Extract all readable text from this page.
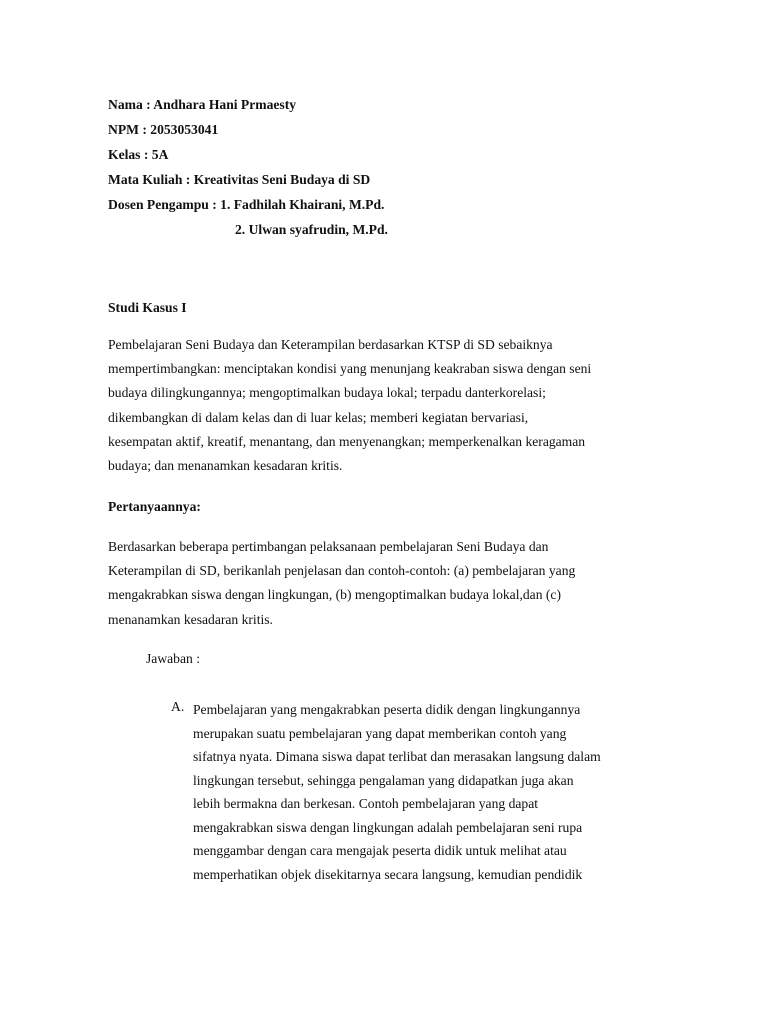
Nama : Andhara Hani Prmaesty
NPM : 2053053041
Kelas : 5A
Mata Kuliah : Kreativitas Seni Budaya di SD
Dosen Pengampu : 1. Fadhilah Khairani, M.Pd.
2. Ulwan syafrudin, M.Pd.
Studi Kasus I

Pembelajaran Seni Budaya dan Keterampilan berdasarkan KTSP di SD sebaiknya
mempertimbangkan: menciptakan kondisi yang menunjang keakraban siswa dengan seni
budaya dilingkungannya; mengoptimalkan budaya lokal; terpadu danterkorelasi;
dikembangkan di dalam kelas dan di luar kelas; memberi kegiatan bervariasi,
kesempatan aktif, kreatif, menantang, dan menyenangkan; memperkenalkan keragaman
budaya; dan menanamkan kesadaran kritis.

Pertanyaannya:

Berdasarkan beberapa pertimbangan pelaksanaan pembelajaran Seni Budaya dan
Keterampilan di SD, berikanlah penjelasan dan contoh-contoh: (a) pembelajaran yang
mengakrabkan siswa dengan lingkungan, (b) mengoptimalkan budaya lokal,dan (c)
menanamkan kesadaran kritis.

Jawaban :
A. Pembelajaran yang mengakrabkan peserta didik dengan lingkungannya
merupakan suatu pembelajaran yang dapat memberikan contoh yang
sifatnya nyata. Dimana siswa dapat terlibat dan merasakan langsung dalam
lingkungan tersebut, sehingga pengalaman yang didapatkan juga akan
lebih bermakna dan berkesan. Contoh pembelajaran yang dapat
mengakrabkan siswa dengan lingkungan adalah pembelajaran seni rupa
menggambar dengan cara mengajak peserta didik untuk melihat atau
memperhatikan objek disekitarnya secara langsung, kemudian pendidik
